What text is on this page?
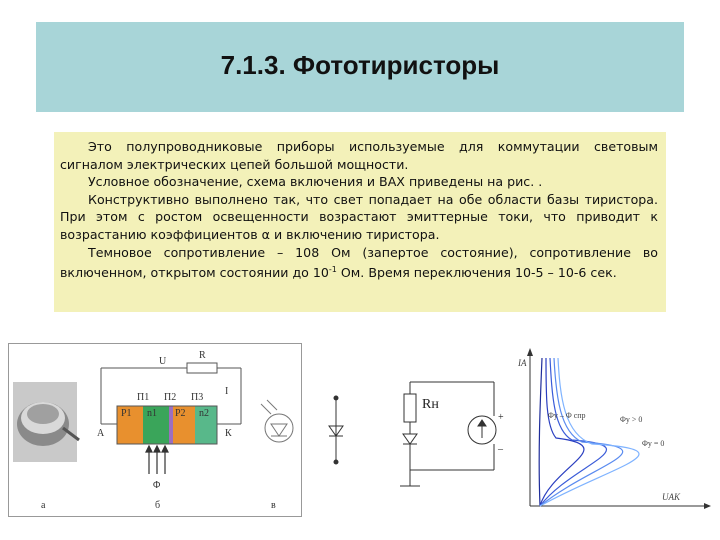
7.1.3. Фототиристоры

Это полупроводниковые приборы используемые для коммутации световым сигналом электрических цепей большой мощности.

Условное обозначение, схема включения и ВАХ приведены на рис. .

Конструктивно выполнено так, что свет попадает на обе области базы тиристора. При этом с ростом освещенности возрастают эмиттерные токи, что приводит к возрастанию коэффициентов α и включению тиристора.

Темновое сопротивление – 108 Ом (запертое состояние), сопротивление во включенном, открытом состоянии до $10^{-1}$ Ом. Время переключения 10-5 – 10-6 сек.

А	К
P1 n1 P2 n2
Π1 Π2 Π3
Φ
I
R
U
а	б	в
Rн
+
–
IA
UAK
Φy – Φ спр	Φy > 0
Φy = 0
